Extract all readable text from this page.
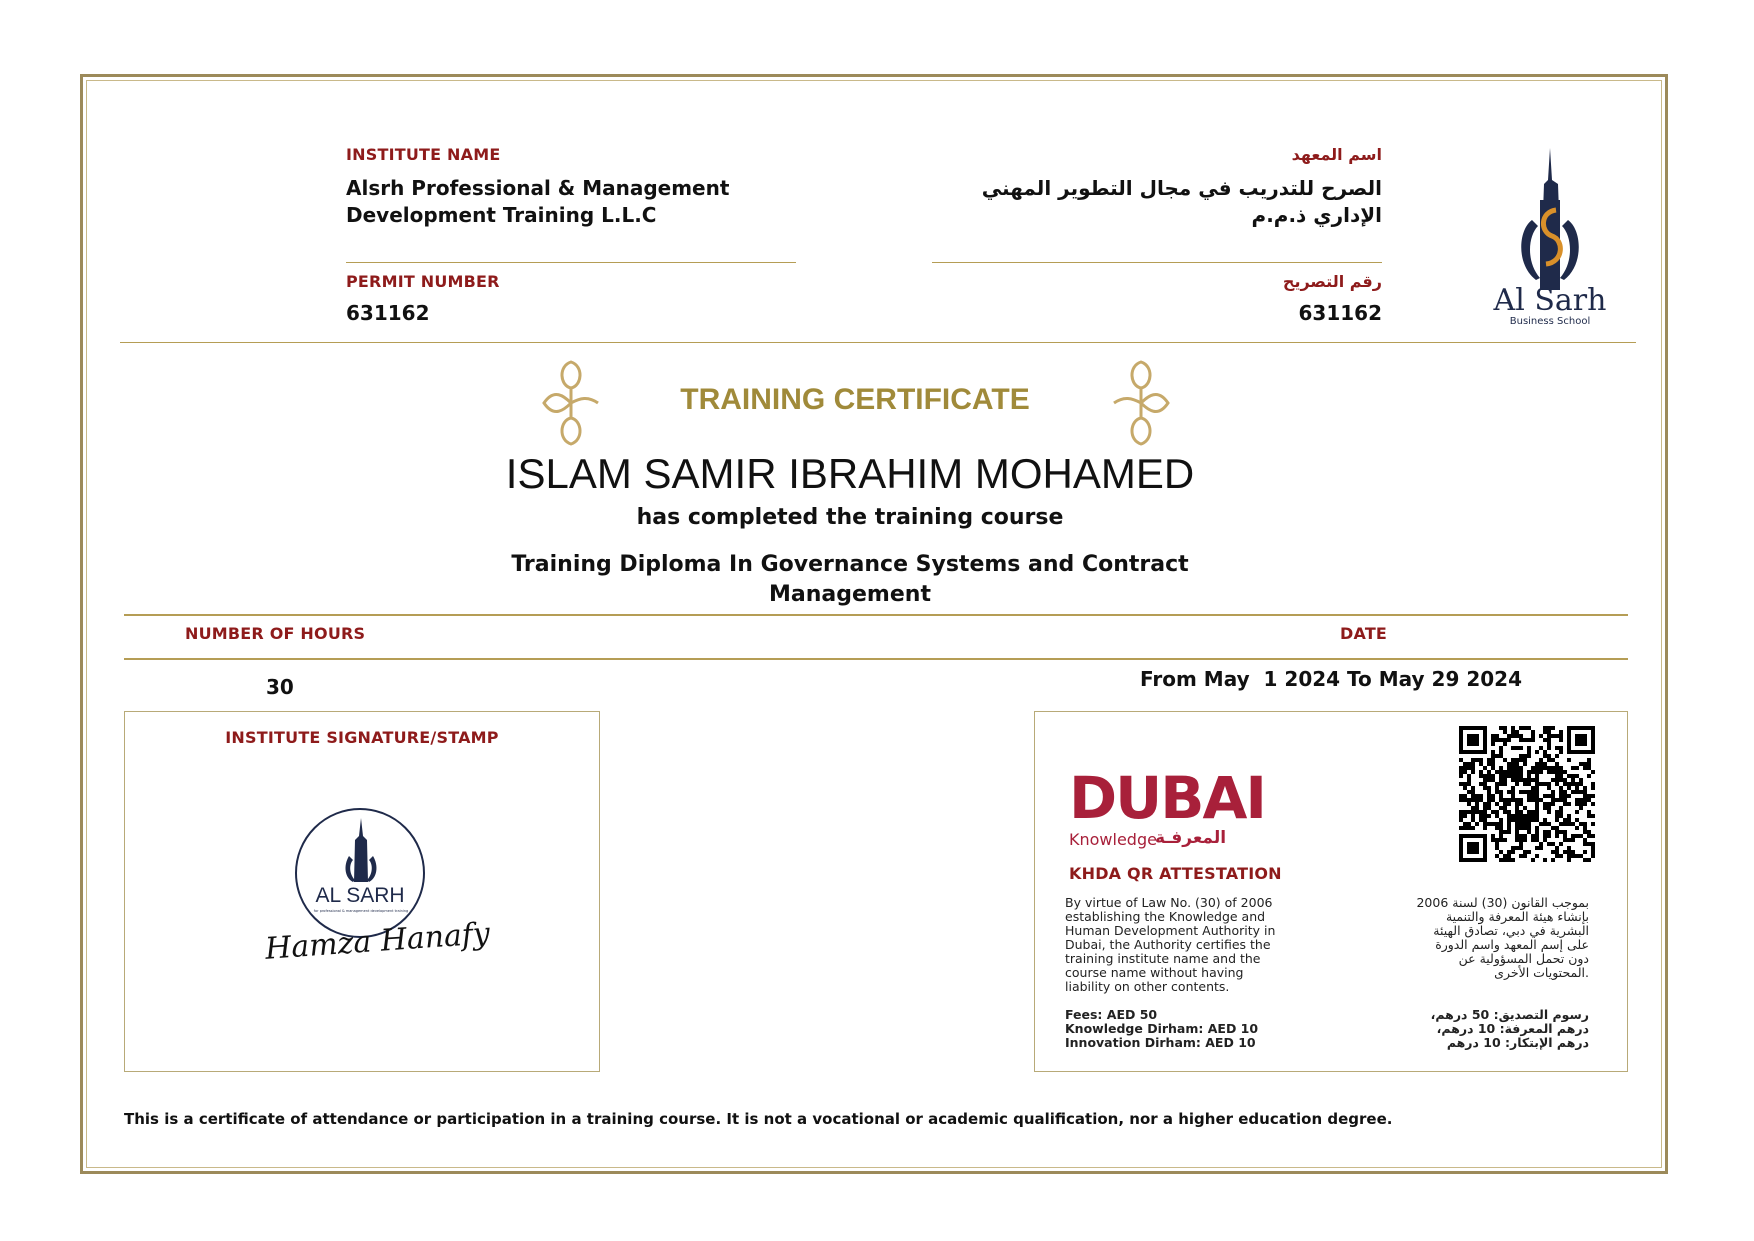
INSTITUTE NAME
Alsrh Professional & Management
Development Training L.L.C
اسم المعهد
الصرح للتدريب في مجال التطوير المهني
الإداري ذ.م.م
PERMIT NUMBER
631162
رقم التصريح
631162	Al Sarh
Business School
TRAINING CERTIFICATE
ISLAM SAMIR IBRAHIM MOHAMED
has completed the training course
Training Diploma In Governance Systems and Contract
Management
NUMBER OF HOURS	DATE
30	From May  1 2024 To May 29 2024
INSTITUTE SIGNATURE/STAMP
AL SARH
for professional & management development training
Hamza Hanafy
DUBAI
Knowledge
المعرفـة
KHDA QR ATTESTATION
By virtue of Law No. (30) of 2006
establishing the Knowledge and
Human Development Authority in
Dubai, the Authority certifies the
training institute name and the
course name without having
liability on other contents.
Fees: AED 50
Knowledge Dirham: AED 10
Innovation Dirham: AED 10
بموجب القانون (30) لسنة 2006
بإنشاء هيئة المعرفة والتنمية
البشرية في دبي، تصادق الهيئة
على إسم المعهد واسم الدورة
دون تحمل المسؤولية عن
.المحتويات الأخرى
رسوم التصديق: 50 درهم،
درهم المعرفة: 10 درهم،
درهم الإبتكار: 10 درهم
This is a certificate of attendance or participation in a training course. It is not a vocational or academic qualification, nor a higher education degree.
